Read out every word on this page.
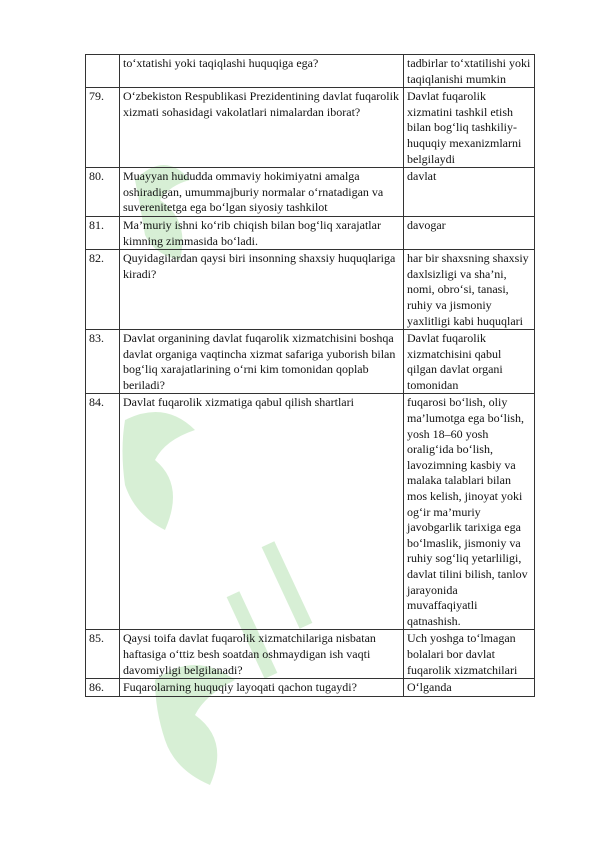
	to‘xtatishi yoki taqiqlashi huquqiga ega?	tadbirlar to‘xtatilishi yoki taqiqlanishi mumkin
79.	O‘zbekiston Respublikasi Prezidentining davlat fuqarolik xizmati sohasidagi vakolatlari nimalardan iborat?	Davlat fuqarolik xizmatini tashkil etish bilan bog‘liq tashkiliy-huquqiy mexanizmlarni belgilaydi
80.	Muayyan hududda ommaviy hokimiyatni amalga oshiradigan, umummajburiy normalar o‘rnatadigan va suverenitetga ega bo‘lgan siyosiy tashkilot	davlat
81.	Ma’muriy ishni ko‘rib chiqish bilan bog‘liq xarajatlar kimning zimmasida bo‘ladi.	davogar
82.	Quyidagilardan qaysi biri insonning shaxsiy huquqlariga kiradi?	har bir shaxsning shaxsiy daxlsizligi va sha’ni, nomi, obro‘si, tanasi, ruhiy va jismoniy yaxlitligi kabi huquqlari
83.	Davlat organining davlat fuqarolik xizmatchisini boshqa davlat organiga vaqtincha xizmat safariga yuborish bilan bog‘liq xarajatlarining o‘rni kim tomonidan qoplab beriladi?	Davlat fuqarolik xizmatchisini qabul qilgan davlat organi tomonidan
84.	Davlat fuqarolik xizmatiga qabul qilish shartlari	fuqarosi bo‘lish, oliy ma’lumotga ega bo‘lish, yosh 18–60 yosh oralig‘ida bo‘lish, lavozimning kasbiy va malaka talablari bilan mos kelish, jinoyat yoki og‘ir ma’muriy javobgarlik tarixiga ega bo‘lmaslik, jismoniy va ruhiy sog‘liq yetarliligi, davlat tilini bilish, tanlov jarayonida muvaffaqiyatli qatnashish.
85.	Qaysi toifa davlat fuqarolik xizmatchilariga nisbatan haftasiga o‘ttiz besh soatdan oshmaydigan ish vaqti davomiyligi belgilanadi?	Uch yoshga to‘lmagan bolalari bor davlat fuqarolik xizmatchilari
86.	Fuqarolarning huquqiy layoqati qachon tugaydi?	O‘lganda
